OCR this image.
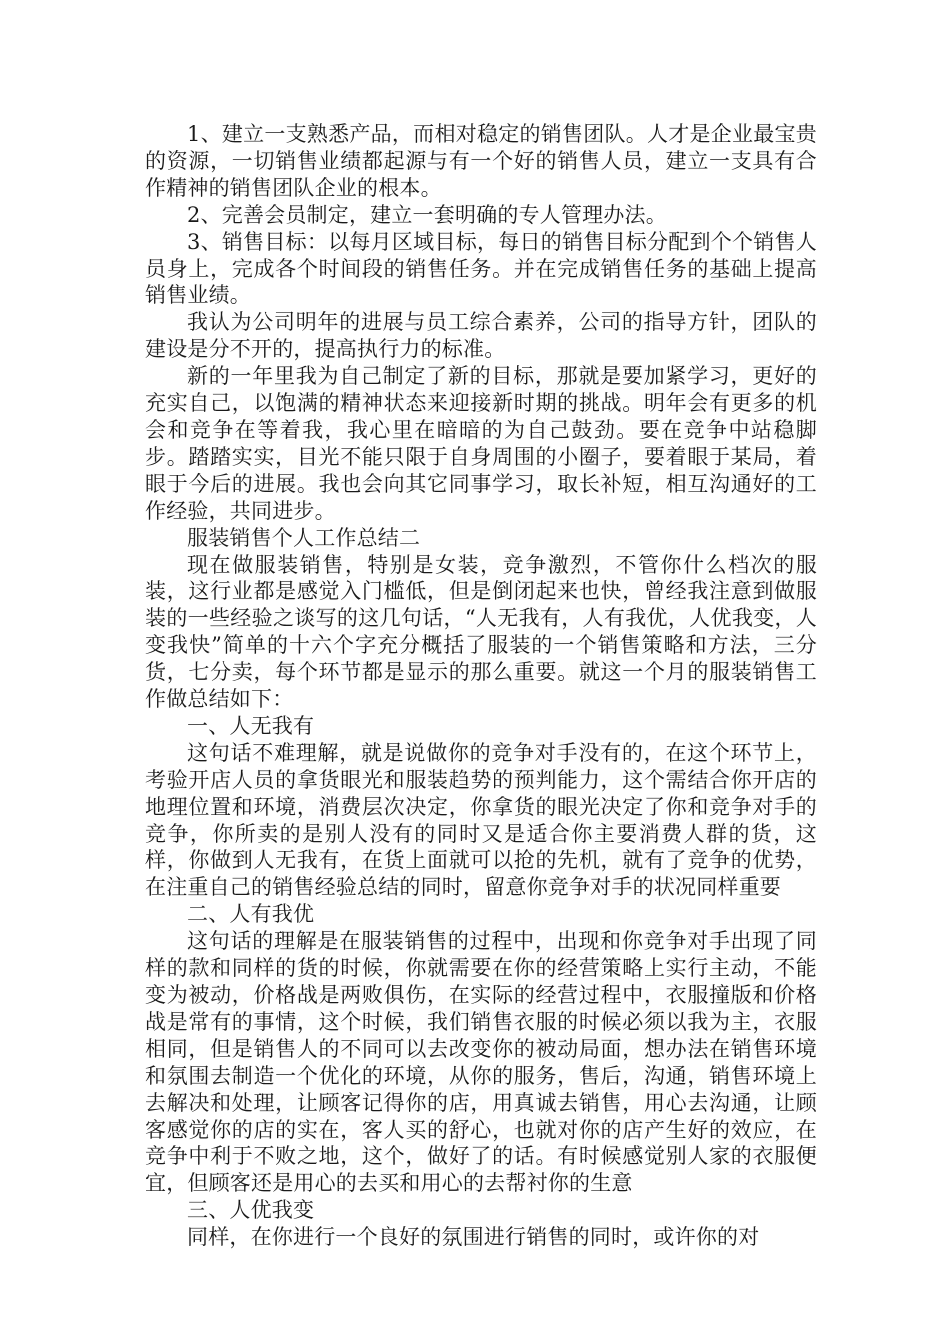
1、建立一支熟悉产品，而相对稳定的销售团队。人才是企业最宝贵的资源，一切销售业绩都起源与有一个好的销售人员，建立一支具有合作精神的销售团队企业的根本。

2、完善会员制定，建立一套明确的专人管理办法。

3、销售目标：以每月区域目标，每日的销售目标分配到个个销售人员身上，完成各个时间段的销售任务。并在完成销售任务的基础上提高销售业绩。

我认为公司明年的进展与员工综合素养，公司的指导方针，团队的建设是分不开的，提高执行力的标准。

新的一年里我为自己制定了新的目标，那就是要加紧学习，更好的充实自己，以饱满的精神状态来迎接新时期的挑战。明年会有更多的机会和竞争在等着我，我心里在暗暗的为自己鼓劲。要在竞争中站稳脚步。踏踏实实，目光不能只限于自身周围的小圈子，要着眼于某局，着眼于今后的进展。我也会向其它同事学习，取长补短，相互沟通好的工作经验，共同进步。

服装销售个人工作总结二

现在做服装销售，特别是女装，竞争激烈，不管你什么档次的服装，这行业都是感觉入门槛低，但是倒闭起来也快，曾经我注意到做服装的一些经验之谈写的这几句话，“人无我有，人有我优，人优我变，人变我快”简单的十六个字充分概括了服装的一个销售策略和方法，三分货，七分卖，每个环节都是显示的那么重要。就这一个月的服装销售工作做总结如下：

一、人无我有

这句话不难理解，就是说做你的竞争对手没有的，在这个环节上，考验开店人员的拿货眼光和服装趋势的预判能力，这个需结合你开店的地理位置和环境，消费层次决定，你拿货的眼光决定了你和竞争对手的竞争，你所卖的是别人没有的同时又是适合你主要消费人群的货，这样，你做到人无我有，在货上面就可以抢的先机，就有了竞争的优势，在注重自己的销售经验总结的同时，留意你竞争对手的状况同样重要

二、人有我优

这句话的理解是在服装销售的过程中，出现和你竞争对手出现了同样的款和同样的货的时候，你就需要在你的经营策略上实行主动，不能变为被动，价格战是两败俱伤，在实际的经营过程中，衣服撞版和价格战是常有的事情，这个时候，我们销售衣服的时候必须以我为主，衣服相同，但是销售人的不同可以去改变你的被动局面，想办法在销售环境和氛围去制造一个优化的环境，从你的服务，售后，沟通，销售环境上去解决和处理，让顾客记得你的店，用真诚去销售，用心去沟通，让顾客感觉你的店的实在，客人买的舒心，也就对你的店产生好的效应，在竞争中利于不败之地，这个，做好了的话。有时候感觉别人家的衣服便宜，但顾客还是用心的去买和用心的去帮衬你的生意

三、人优我变

同样，在你进行一个良好的氛围进行销售的同时，或许你的对
